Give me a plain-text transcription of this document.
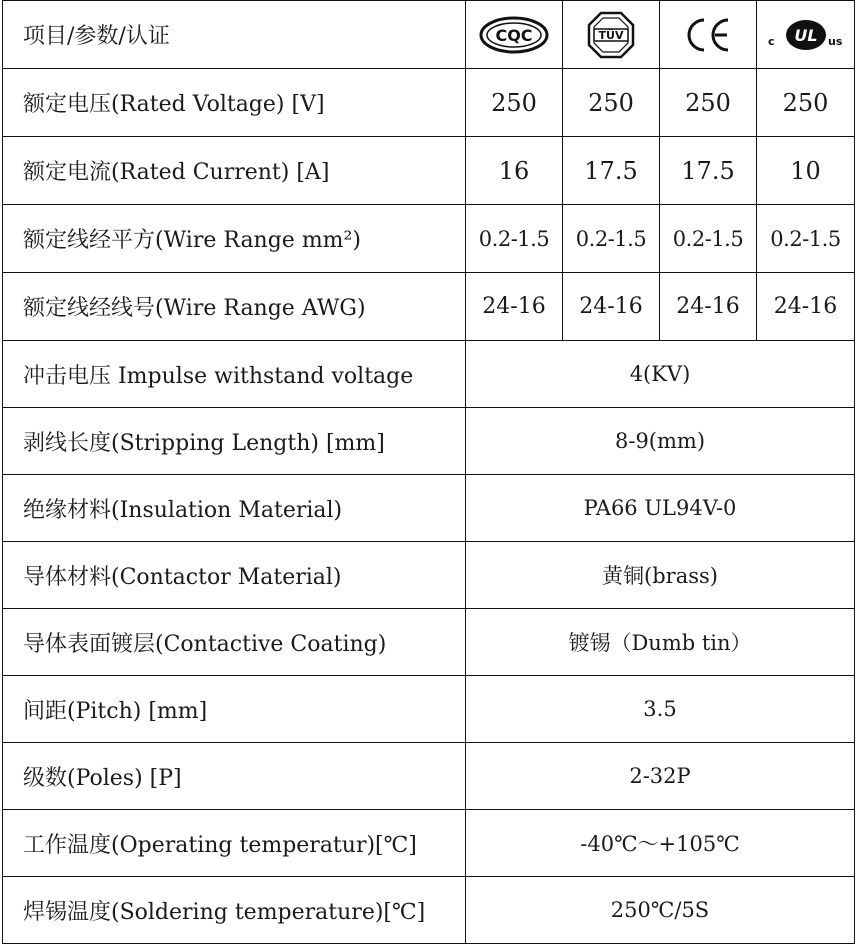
项目/参数/认证	CQC	TÜV		c UL us

额定电压(Rated Voltage) [V]	250	250	250	250
额定电流(Rated Current) [A]	16	17.5	17.5	10
额定线经平方(Wire Range mm²)	0.2-1.5	0.2-1.5	0.2-1.5	0.2-1.5
额定线经线号(Wire Range AWG)	24-16	24-16	24-16	24-16
冲击电压 Impulse withstand voltage	4(KV)			
剥线长度(Stripping Length) [mm]	8-9(mm)			
绝缘材料(Insulation Material)	PA66 UL94V-0			
导体材料(Contactor Material)	黄铜(brass)			
导体表面镀层(Contactive Coating)	镀锡（Dumb tin）			
间距(Pitch) [mm]	3.5			
级数(Poles) [P]	2-32P			
工作温度(Operating temperatur)[℃]	-40℃～+105℃			
焊锡温度(Soldering temperature)[℃]	250℃/5S			
